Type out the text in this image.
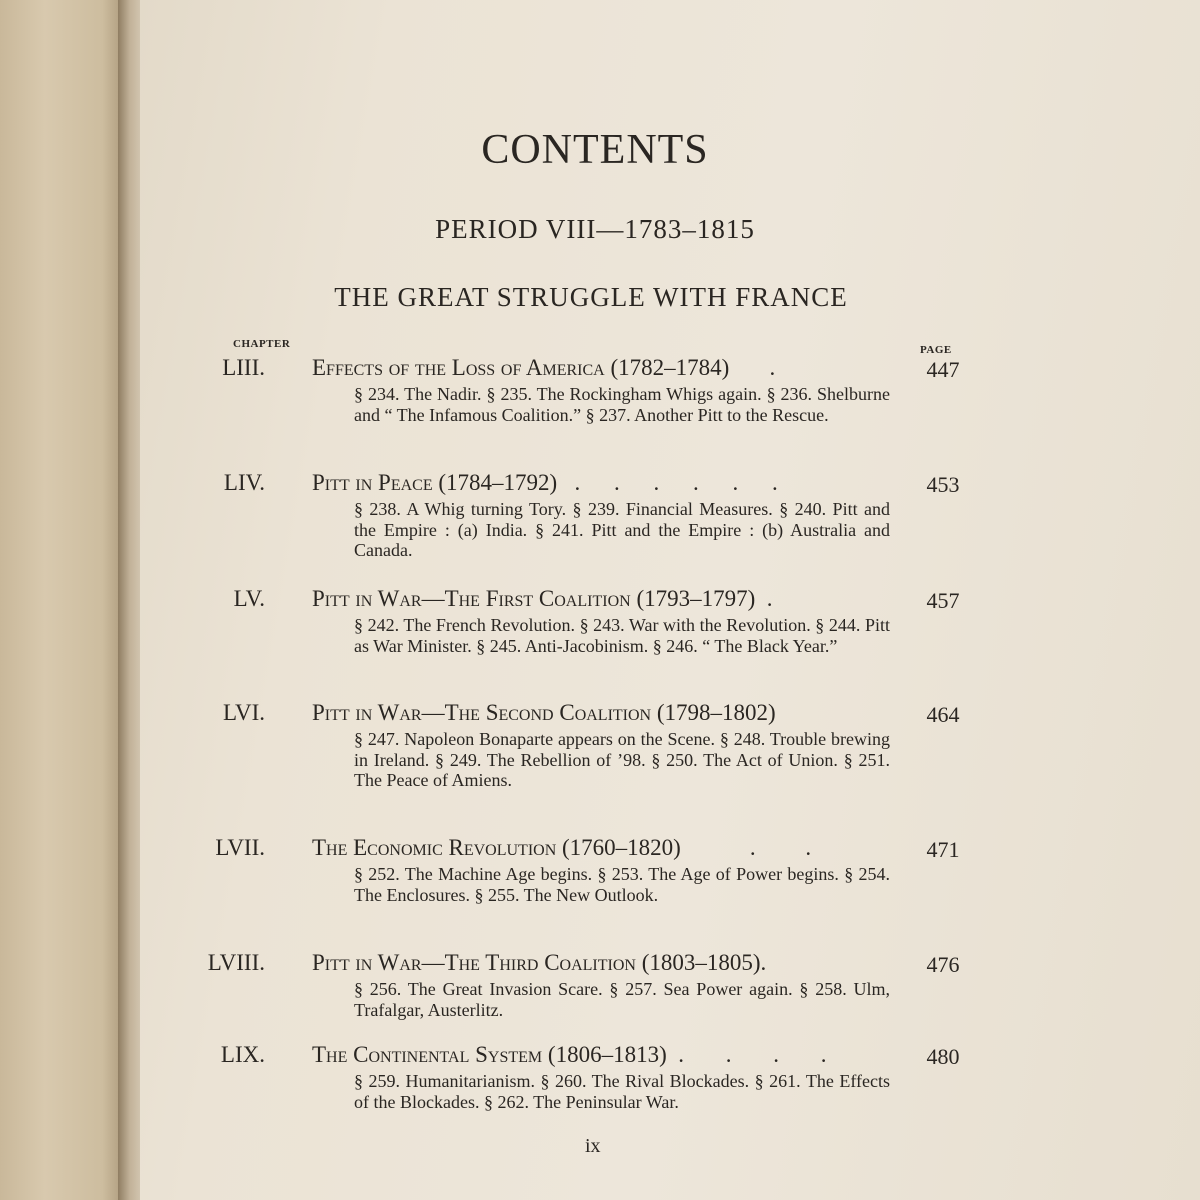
CONTENTS
PERIOD VIII—1783–1815
THE GREAT STRUGGLE WITH FRANCE
CHAPTER	PAGE
LIII. Effects of the Loss of America (1782–1784) .	447
§ 234. The Nadir. § 235. The Rockingham Whigs again. § 236. Shelburne and “ The Infamous Coalition.” § 237. Another Pitt to the Rescue.
LIV. Pitt in Peace (1784–1792) . . . . . .	453
§ 238. A Whig turning Tory. § 239. Financial Measures. § 240. Pitt and the Empire : (a) India. § 241. Pitt and the Empire : (b) Australia and Canada.
LV. Pitt in War—The First Coalition (1793–1797) .	457
§ 242. The French Revolution. § 243. War with the Revolution. § 244. Pitt as War Minister. § 245. Anti-Jacobinism. § 246. “ The Black Year.”
LVI. Pitt in War—The Second Coalition (1798–1802)	464
§ 247. Napoleon Bonaparte appears on the Scene. § 248. Trouble brewing in Ireland. § 249. The Rebellion of ’98. § 250. The Act of Union. § 251. The Peace of Amiens.
LVII. The Economic Revolution (1760–1820)	. .	471
§ 252. The Machine Age begins. § 253. The Age of Power begins. § 254. The Enclosures. § 255. The New Outlook.
LVIII. Pitt in War—The Third Coalition (1803–1805).	476
§ 256. The Great Invasion Scare. § 257. Sea Power again. § 258. Ulm, Trafalgar, Austerlitz.
LIX. The Continental System (1806–1813) . . . .	480
§ 259. Humanitarianism. § 260. The Rival Blockades. § 261. The Effects of the Blockades. § 262. The Peninsular War.
ix
